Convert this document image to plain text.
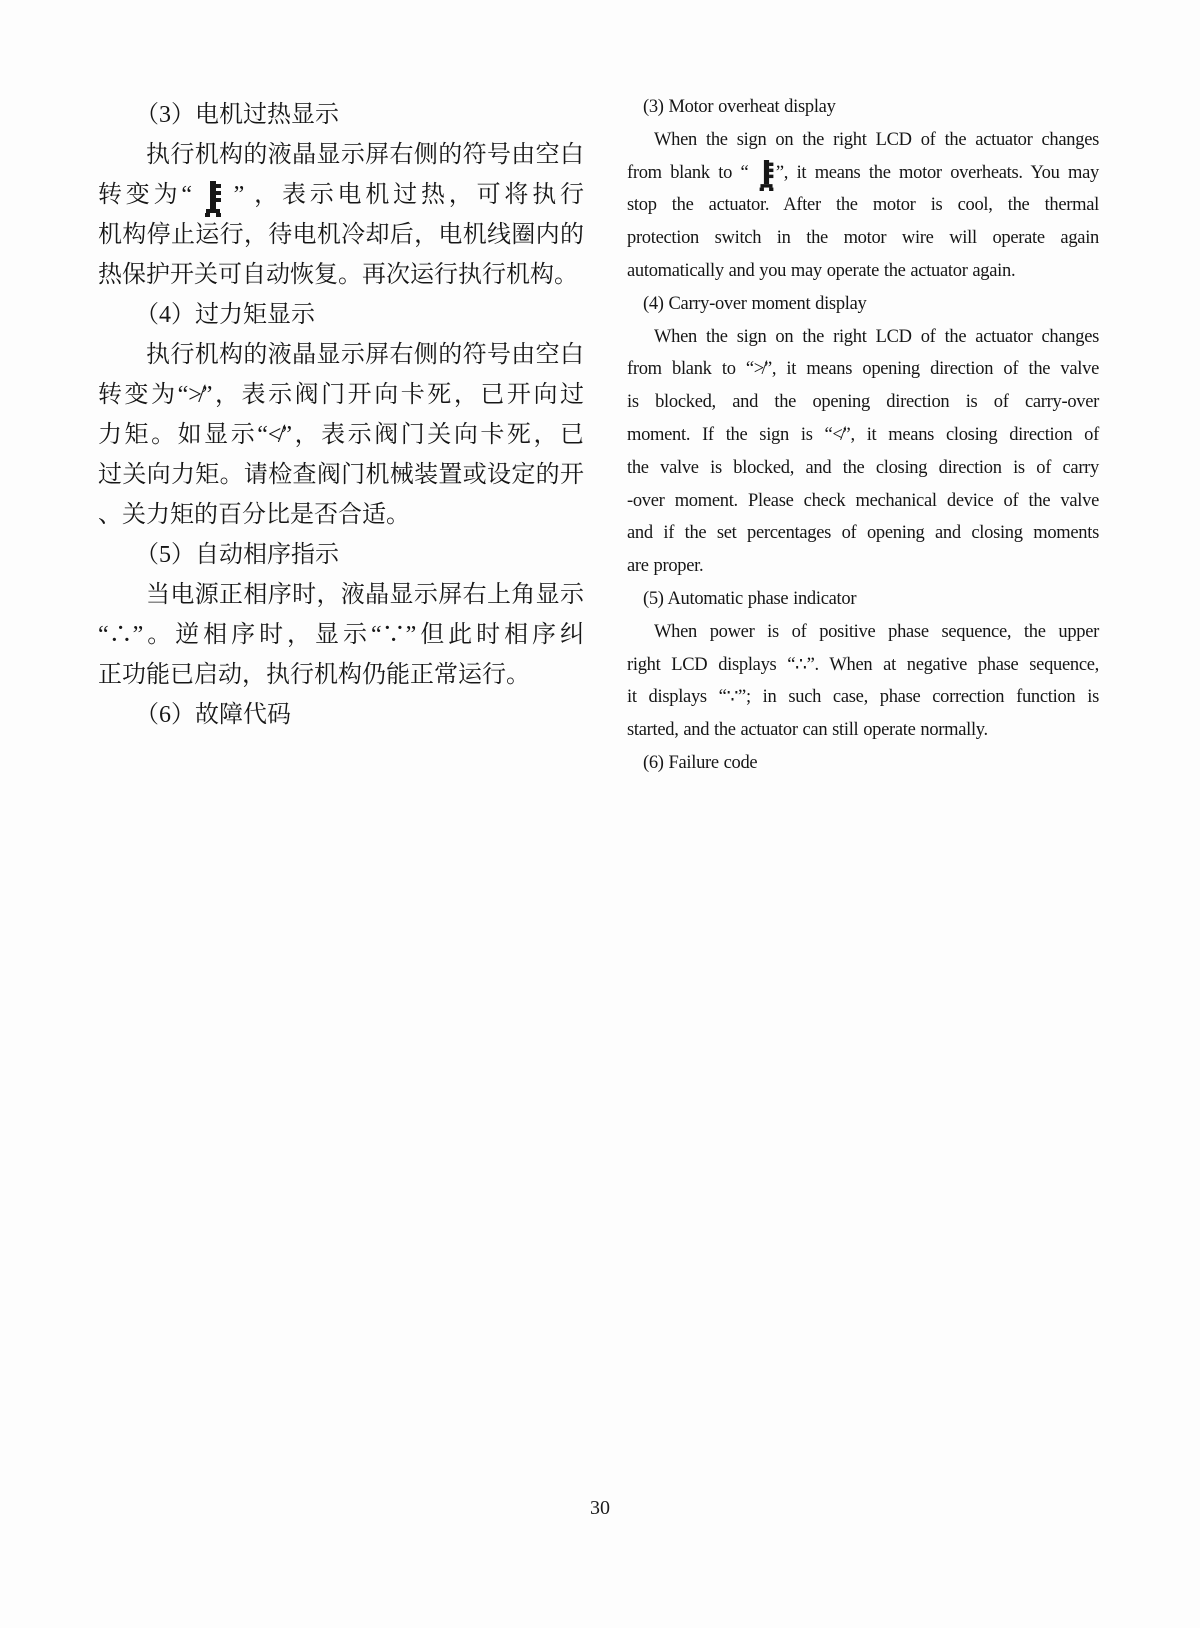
（3）电机过热显示
执行机构的液晶显示屏右侧的符号由空白
转变为“  ” ，表示电机过热，可将执行
机构停止运行，待电机冷却后，电机线圈内的
热保护开关可自动恢复。再次运行执行机构。
（4）过力矩显示
执行机构的液晶显示屏右侧的符号由空白
转变为“≯”，表示阀门开向卡死，已开向过
力矩。如显示“≮”，表示阀门关向卡死，已
过关向力矩。请检查阀门机械装置或设定的开
、关力矩的百分比是否合适。
（5）自动相序指示
当电源正相序时，液晶显示屏右上角显示
“∴”。逆相序时，显示“∵”但此时相序纠
正功能已启动，执行机构仍能正常运行。
（6）故障代码
(3) Motor overheat display
When the sign on the right LCD of the actuator changes
from blank to “ ”, it means the motor overheats. You may
stop the actuator. After the motor is cool, the thermal
protection switch in the motor wire will operate again
automatically and you may operate the actuator again.
(4) Carry-over moment display
When the sign on the right LCD of the actuator changes
from blank to “≯”, it means opening direction of the valve
is blocked, and the opening direction is of carry-over
moment. If the sign is “≮”, it means closing direction of
the valve is blocked, and the closing direction is of carry
-over moment. Please check mechanical device of the valve
and if the set percentages of opening and closing moments
are proper.
(5) Automatic phase indicator
When power is of positive phase sequence, the upper
right LCD displays “∴”. When at negative phase sequence,
it displays “∵”; in such case, phase correction function is
started, and the actuator can still operate normally.
(6) Failure code
30
